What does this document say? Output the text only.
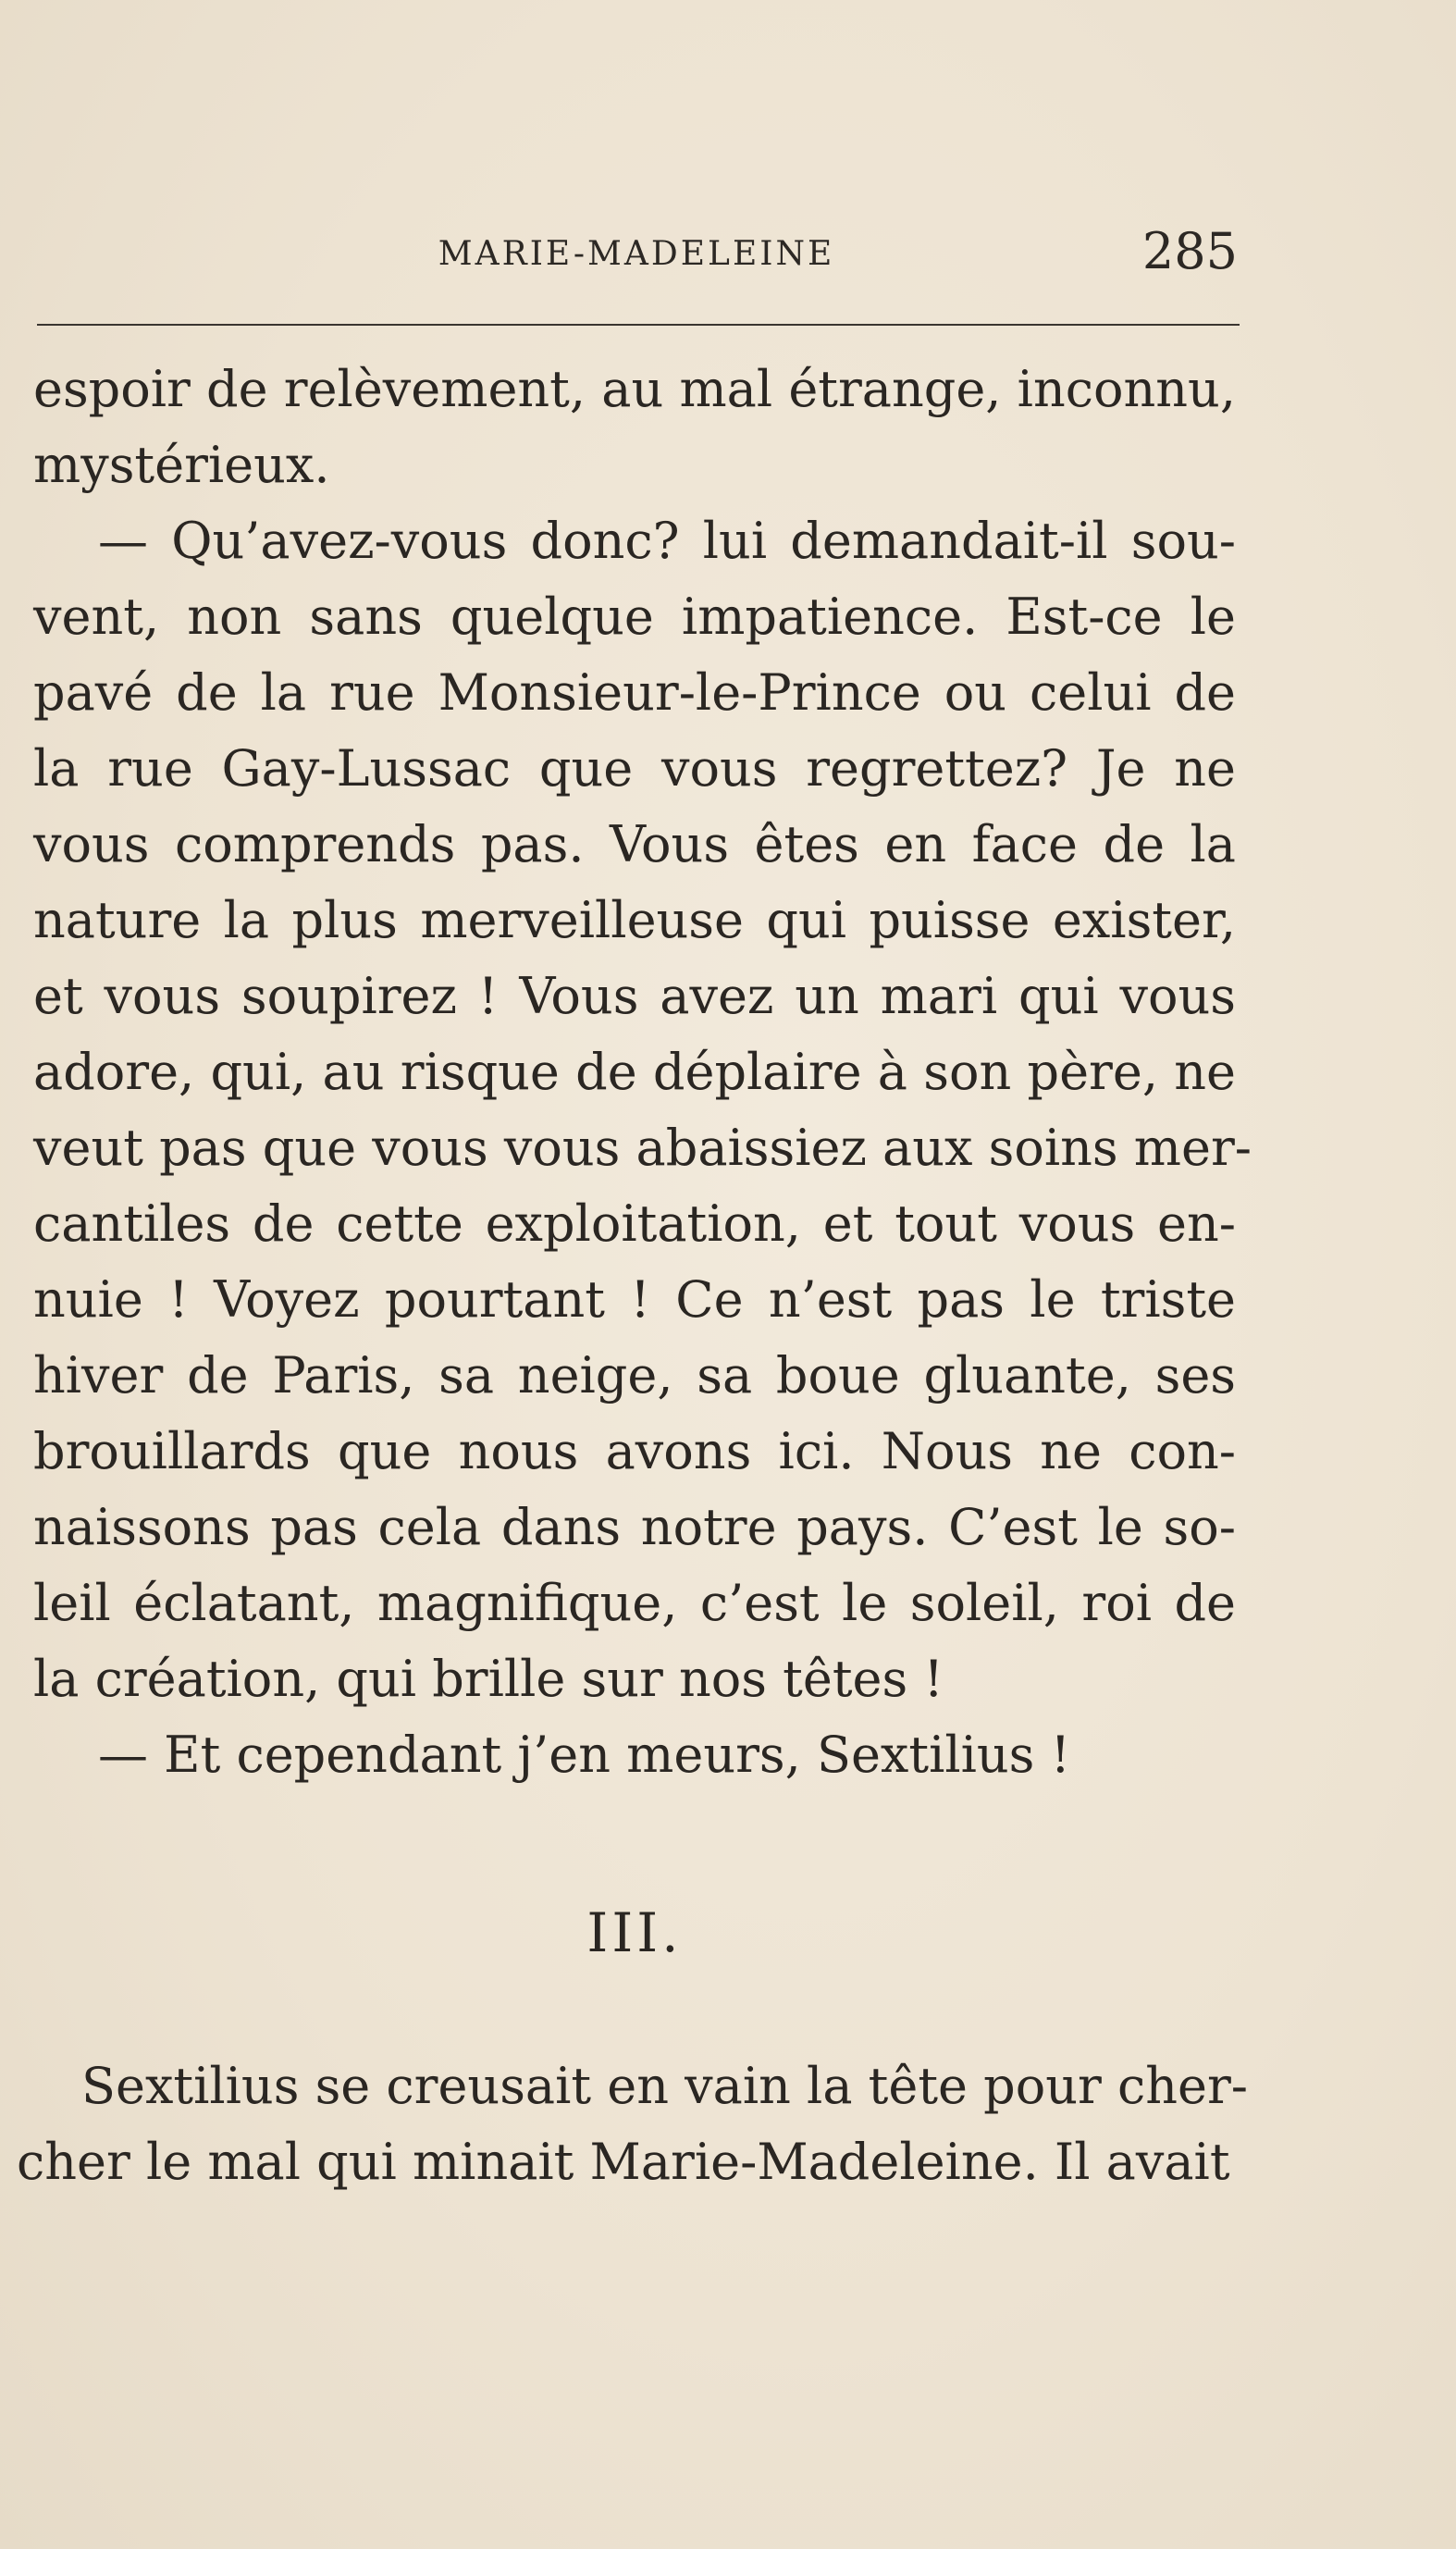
MARIE-MADELEINE	285
espoir de relèvement, au mal étrange, inconnu,
mystérieux.
— Qu’avez-vous donc? lui demandait-il sou-
vent, non sans quelque impatience. Est-ce le
pavé de la rue Monsieur-le-Prince ou celui de
la rue Gay-Lussac que vous regrettez? Je ne
vous comprends pas. Vous êtes en face de la
nature la plus merveilleuse qui puisse exister,
et vous soupirez ! Vous avez un mari qui vous
adore, qui, au risque de déplaire à son père, ne
veut pas que vous vous abaissiez aux soins mer-
cantiles de cette exploitation, et tout vous en-
nuie ! Voyez pourtant ! Ce n’est pas le triste
hiver de Paris, sa neige, sa boue gluante, ses
brouillards que nous avons ici. Nous ne con-
naissons pas cela dans notre pays. C’est le so-
leil éclatant, magnifique, c’est le soleil, roi de
la création, qui brille sur nos têtes !
— Et cependant j’en meurs, Sextilius !
III.
Sextilius se creusait en vain la tête pour cher-
cher le mal qui minait Marie-Madeleine. Il avait
